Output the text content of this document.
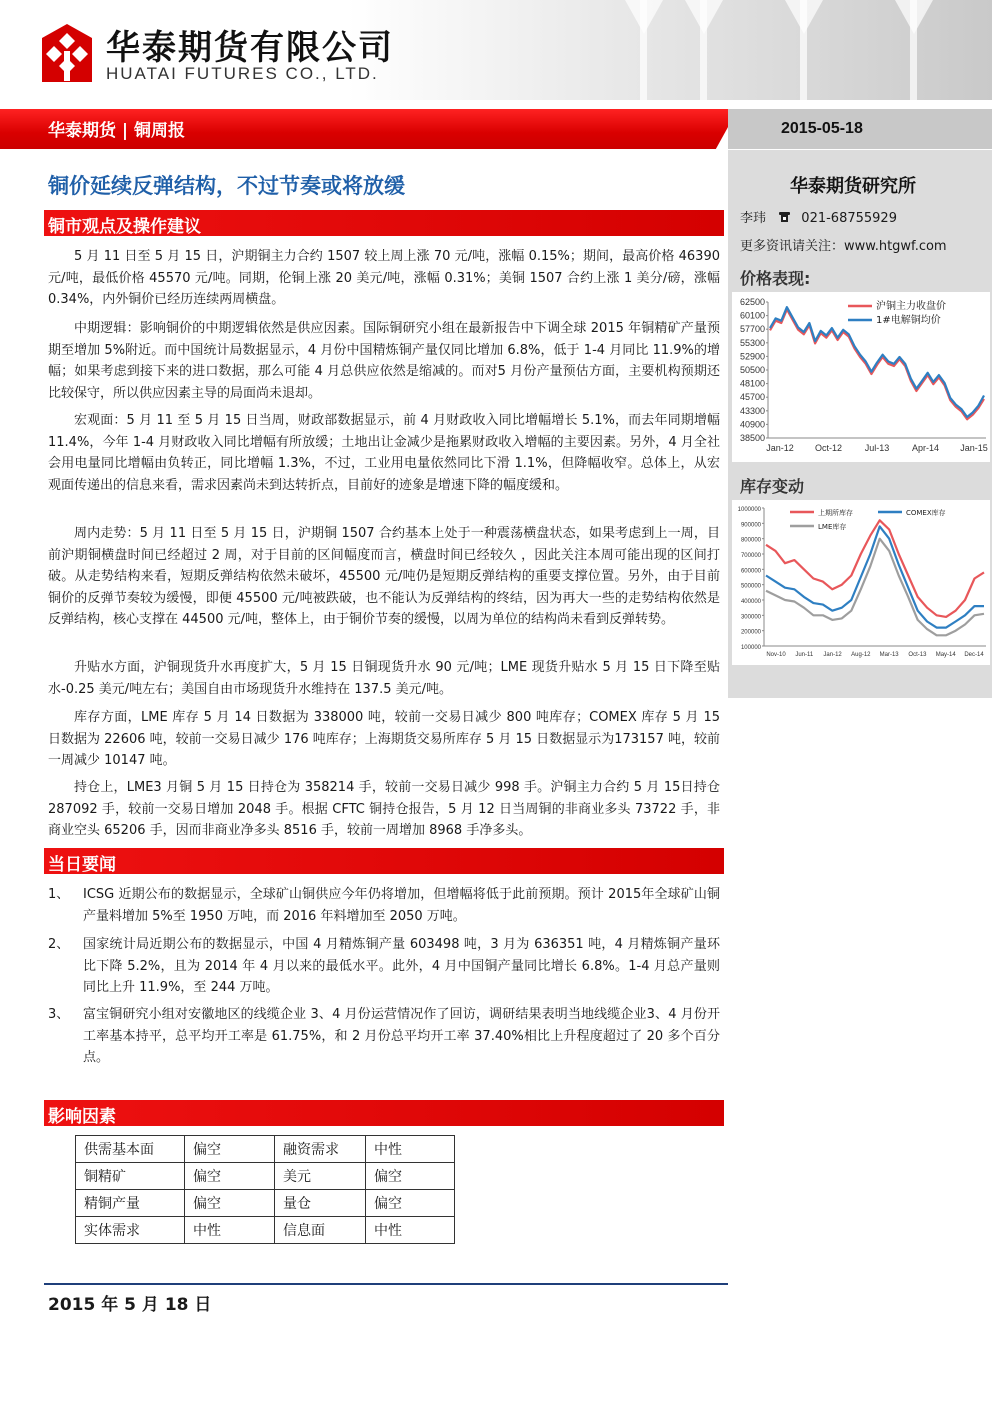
华泰期货有限公司
HUATAI FUTURES CO., LTD.
华泰期货 | 铜周报	2015-05-18
铜价延续反弹结构，不过节奏或将放缓
铜市观点及操作建议
5 月 11 日至 5 月 15 日，沪期铜主力合约 1507 较上周上涨 70 元/吨，涨幅 0.15%；期间，最高价格 46390 元/吨，最低价格 45570 元/吨。同期，伦铜上涨 20 美元/吨，涨幅 0.31%；美铜 1507 合约上涨 1 美分/磅，涨幅 0.34%，内外铜价已经历连续两周横盘。
中期逻辑：影响铜价的中期逻辑依然是供应因素。国际铜研究小组在最新报告中下调全球 2015 年铜精矿产量预期至增加 5%附近。而中国统计局数据显示，4 月份中国精炼铜产量仅同比增加 6.8%，低于 1-4 月同比 11.9%的增幅；如果考虑到接下来的进口数据，那么可能 4 月总供应依然是缩减的。而对5 月份产量预估方面，主要机构预期还比较保守，所以供应因素主导的局面尚未退却。
宏观面：5 月 11 至 5 月 15 日当周，财政部数据显示，前 4 月财政收入同比增幅增长 5.1%，而去年同期增幅 11.4%，今年 1-4 月财政收入同比增幅有所放缓；土地出让金减少是拖累财政收入增幅的主要因素。另外，4 月全社会用电量同比增幅由负转正，同比增幅 1.3%，不过，工业用电量依然同比下滑 1.1%，但降幅收窄。总体上，从宏观面传递出的信息来看，需求因素尚未到达转折点，目前好的迹象是增速下降的幅度缓和。
周内走势：5 月 11 日至 5 月 15 日，沪期铜 1507 合约基本上处于一种震荡横盘状态，如果考虑到上一周，目前沪期铜横盘时间已经超过 2 周，对于目前的区间幅度而言，横盘时间已经较久 ，因此关注本周可能出现的区间打破。从走势结构来看，短期反弹结构依然未破坏，45500 元/吨仍是短期反弹结构的重要支撑位置。另外，由于目前铜价的反弹节奏较为缓慢，即便 45500 元/吨被跌破，也不能认为反弹结构的终结，因为再大一些的走势结构依然是反弹结构，核心支撑在 44500 元/吨，整体上，由于铜价节奏的缓慢，以周为单位的结构尚未看到反弹转势。
升贴水方面，沪铜现货升水再度扩大，5 月 15 日铜现货升水 90 元/吨；LME 现货升贴水 5 月 15 日下降至贴水-0.25 美元/吨左右；美国自由市场现货升水维持在 137.5 美元/吨。
库存方面，LME 库存 5 月 14 日数据为 338000 吨，较前一交易日减少 800 吨库存；COMEX 库存 5 月 15 日数据为 22606 吨，较前一交易日减少 176 吨库存；上海期货交易所库存 5 月 15 日数据显示为173157 吨，较前一周减少 10147 吨。
持仓上，LME3 月铜 5 月 15 日持仓为 358214 手，较前一交易日减少 998 手。沪铜主力合约 5 月 15日持仓 287092 手，较前一交易日增加 2048 手。根据 CFTC 铜持仓报告，5 月 12 日当周铜的非商业多头 73722 手，非商业空头 65206 手，因而非商业净多头 8516 手，较前一周增加 8968 手净多头。
当日要闻
1、 ICSG 近期公布的数据显示，全球矿山铜供应今年仍将增加，但增幅将低于此前预期。预计 2015年全球矿山铜产量料增加 5%至 1950 万吨，而 2016 年料增加至 2050 万吨。
2、 国家统计局近期公布的数据显示，中国 4 月精炼铜产量 603498 吨，3 月为 636351 吨，4 月精炼铜产量环比下降 5.2%，且为 2014 年 4 月以来的最低水平。此外，4 月中国铜产量同比增长 6.8%。1-4 月总产量则同比上升 11.9%，至 244 万吨。
3、 富宝铜研究小组对安徽地区的线缆企业 3、4 月份运营情况作了回访，调研结果表明当地线缆企业3、4 月份开工率基本持平，总平均开工率是 61.75%，和 2 月份总平均开工率 37.40%相比上升程度超过了 20 多个百分点。
影响因素
供需基本面	偏空	融资需求	中性
铜精矿	偏空	美元	偏空
精铜产量	偏空	量仓	偏空
实体需求	中性	信息面	中性
2015 年 5 月 18 日
华泰期货研究所
李玮	021-68755929
更多资讯请关注：www.htgwf.com
价格表现:
62500
60100
57700
55300
52900
50500
48100
45700
43300
40900
38500
Jan-12 Oct-12	Jul-13	Apr-14 Jan-15
沪铜主力收盘价
1#电解铜均价
库存变动
1000000
900000
800000
700000
600000
500000
400000
300000
200000
100000
Nov-10 Jun-11 Jan-12 Aug-12 Mar-13 Oct-13 May-14 Dec-14
上期所库存	COMEX库存
LME库存
